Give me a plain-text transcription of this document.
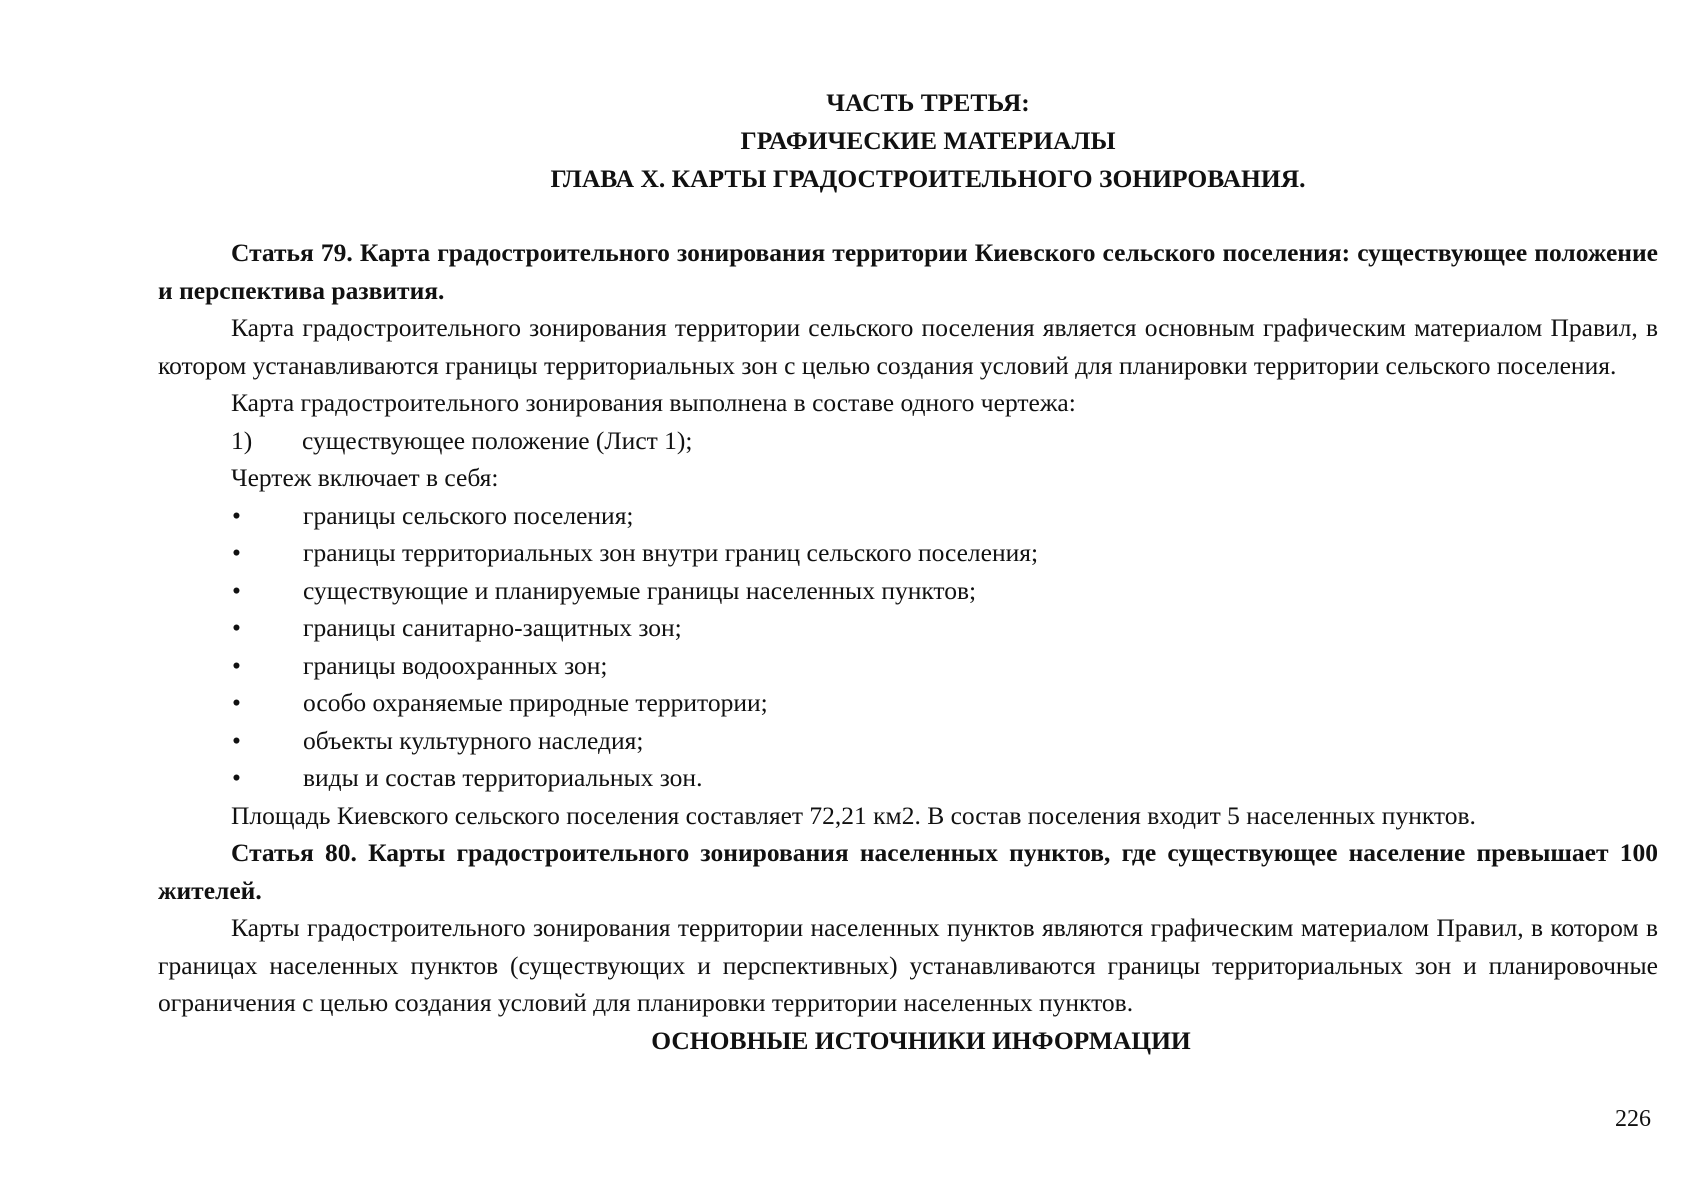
ЧАСТЬ ТРЕТЬЯ:
ГРАФИЧЕСКИЕ МАТЕРИАЛЫ
ГЛАВА X. КАРТЫ ГРАДОСТРОИТЕЛЬНОГО ЗОНИРОВАНИЯ.
Статья 79. Карта градостроительного зонирования территории Киевского сельского поселения: существующее положение и перспектива развития.
Карта градостроительного зонирования территории сельского поселения является основным графическим материалом Правил, в котором устанавливаются границы территориальных зон с целью создания условий для планировки территории сельского поселения.
Карта градостроительного зонирования выполнена в составе одного чертежа:
1)	существующее положение (Лист 1);
Чертеж включает в себя:
•	границы сельского поселения;
•	границы территориальных зон внутри границ сельского поселения;
•	существующие и планируемые границы населенных пунктов;
•	границы санитарно-защитных зон;
•	границы водоохранных зон;
•	особо охраняемые природные территории;
•	объекты культурного наследия;
•	виды и состав территориальных зон.
Площадь Киевского сельского поселения составляет 72,21 км2. В состав поселения входит 5 населенных пунктов.
Статья 80. Карты градостроительного зонирования населенных пунктов, где существующее население превышает 100 жителей.
Карты градостроительного зонирования территории населенных пунктов являются графическим материалом Правил, в котором в границах населенных пунктов (существующих и перспективных) устанавливаются границы территориальных зон и планировочные ограничения с целью создания условий для планировки территории населенных пунктов.
ОСНОВНЫЕ ИСТОЧНИКИ ИНФОРМАЦИИ
226
